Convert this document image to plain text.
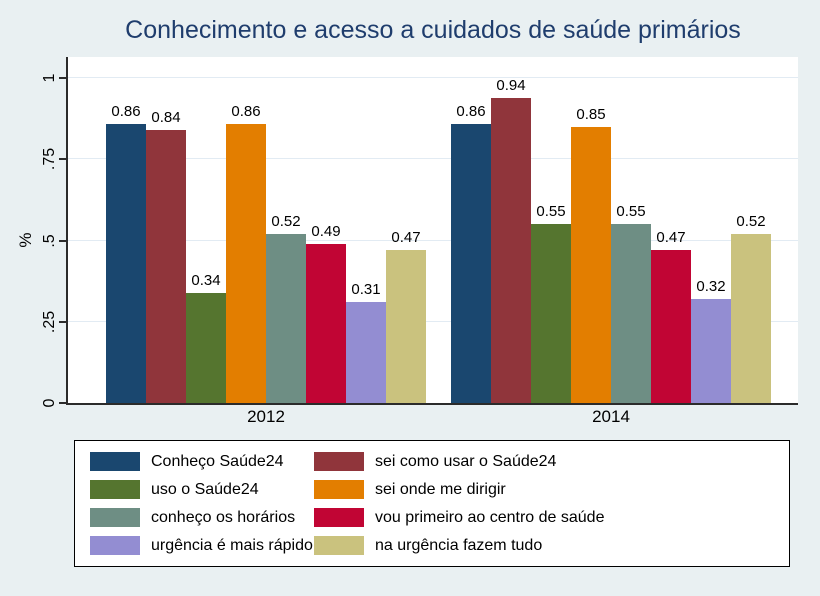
Conhecimento e acesso a cuidados de saúde primários
0.86 0.84
0.34
0.86
0.52
0.49
0.31
0.47
0.86
0.94
0.55
0.85
0.55
0.47
0.32
0.52
0
.25
.5
.75
1
%
2012	2014
Conheço Saúde24	sei como usar o Saúde24
uso o Saúde24	sei onde me dirigir
conheço os horários	vou primeiro ao centro de saúde
urgência é mais rápido	na urgência fazem tudo
